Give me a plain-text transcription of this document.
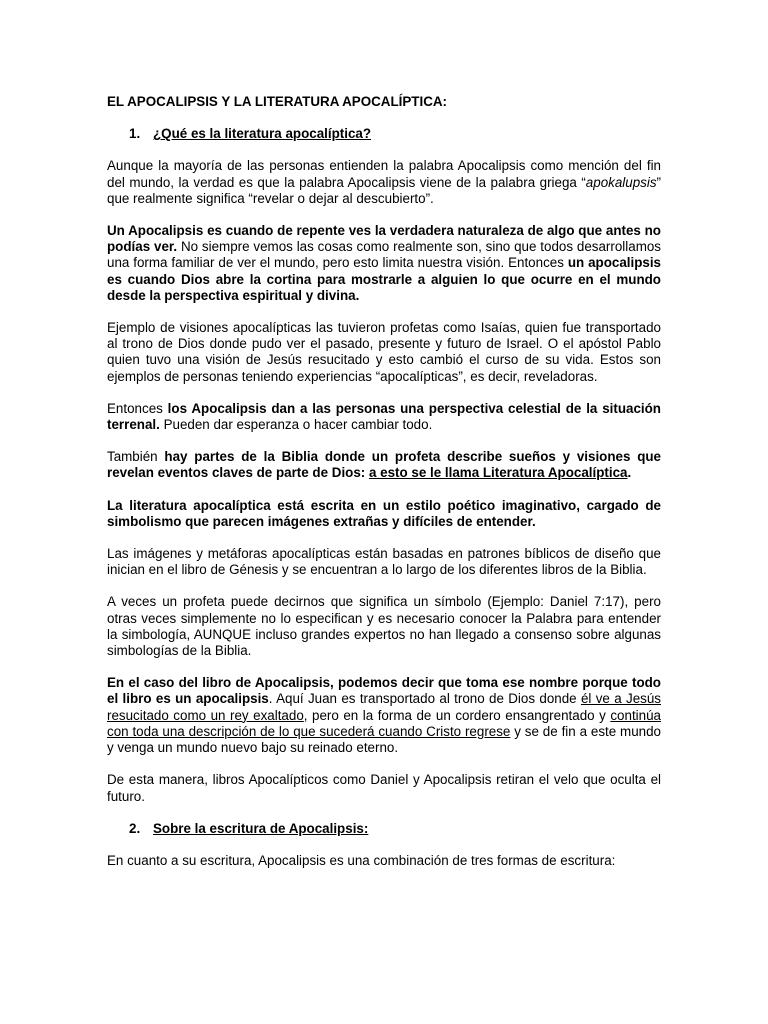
EL APOCALIPSIS Y LA LITERATURA APOCALÍPTICA:
1. ¿Qué es la literatura apocalíptica?

Aunque la mayoría de las personas entienden la palabra Apocalipsis como mención del fin del mundo, la verdad es que la palabra Apocalipsis viene de la palabra griega “apokalupsis” que realmente significa “revelar o dejar al descubierto”.

Un Apocalipsis es cuando de repente ves la verdadera naturaleza de algo que antes no podías ver. No siempre vemos las cosas como realmente son, sino que todos desarrollamos una forma familiar de ver el mundo, pero esto limita nuestra visión. Entonces un apocalipsis es cuando Dios abre la cortina para mostrarle a alguien lo que ocurre en el mundo desde la perspectiva espiritual y divina.

Ejemplo de visiones apocalípticas las tuvieron profetas como Isaías, quien fue transportado al trono de Dios donde pudo ver el pasado, presente y futuro de Israel. O el apóstol Pablo quien tuvo una visión de Jesús resucitado y esto cambió el curso de su vida. Estos son ejemplos de personas teniendo experiencias “apocalípticas”, es decir, reveladoras.

Entonces los Apocalipsis dan a las personas una perspectiva celestial de la situación terrenal. Pueden dar esperanza o hacer cambiar todo.

También hay partes de la Biblia donde un profeta describe sueños y visiones que revelan eventos claves de parte de Dios: a esto se le llama Literatura Apocalíptica.

La literatura apocalíptica está escrita en un estilo poético imaginativo, cargado de simbolismo que parecen imágenes extrañas y difíciles de entender.

Las imágenes y metáforas apocalípticas están basadas en patrones bíblicos de diseño que inician en el libro de Génesis y se encuentran a lo largo de los diferentes libros de la Biblia.

A veces un profeta puede decirnos que significa un símbolo (Ejemplo: Daniel 7:17), pero otras veces simplemente no lo especifican y es necesario conocer la Palabra para entender la simbología, AUNQUE incluso grandes expertos no han llegado a consenso sobre algunas simbologías de la Biblia.

En el caso del libro de Apocalipsis, podemos decir que toma ese nombre porque todo el libro es un apocalipsis. Aquí Juan es transportado al trono de Dios donde él ve a Jesús resucitado como un rey exaltado, pero en la forma de un cordero ensangrentado y continúa con toda una descripción de lo que sucederá cuando Cristo regrese y se de fin a este mundo y venga un mundo nuevo bajo su reinado eterno.

De esta manera, libros Apocalípticos como Daniel y Apocalipsis retiran el velo que oculta el futuro.

2. Sobre la escritura de Apocalipsis:

En cuanto a su escritura, Apocalipsis es una combinación de tres formas de escritura:
